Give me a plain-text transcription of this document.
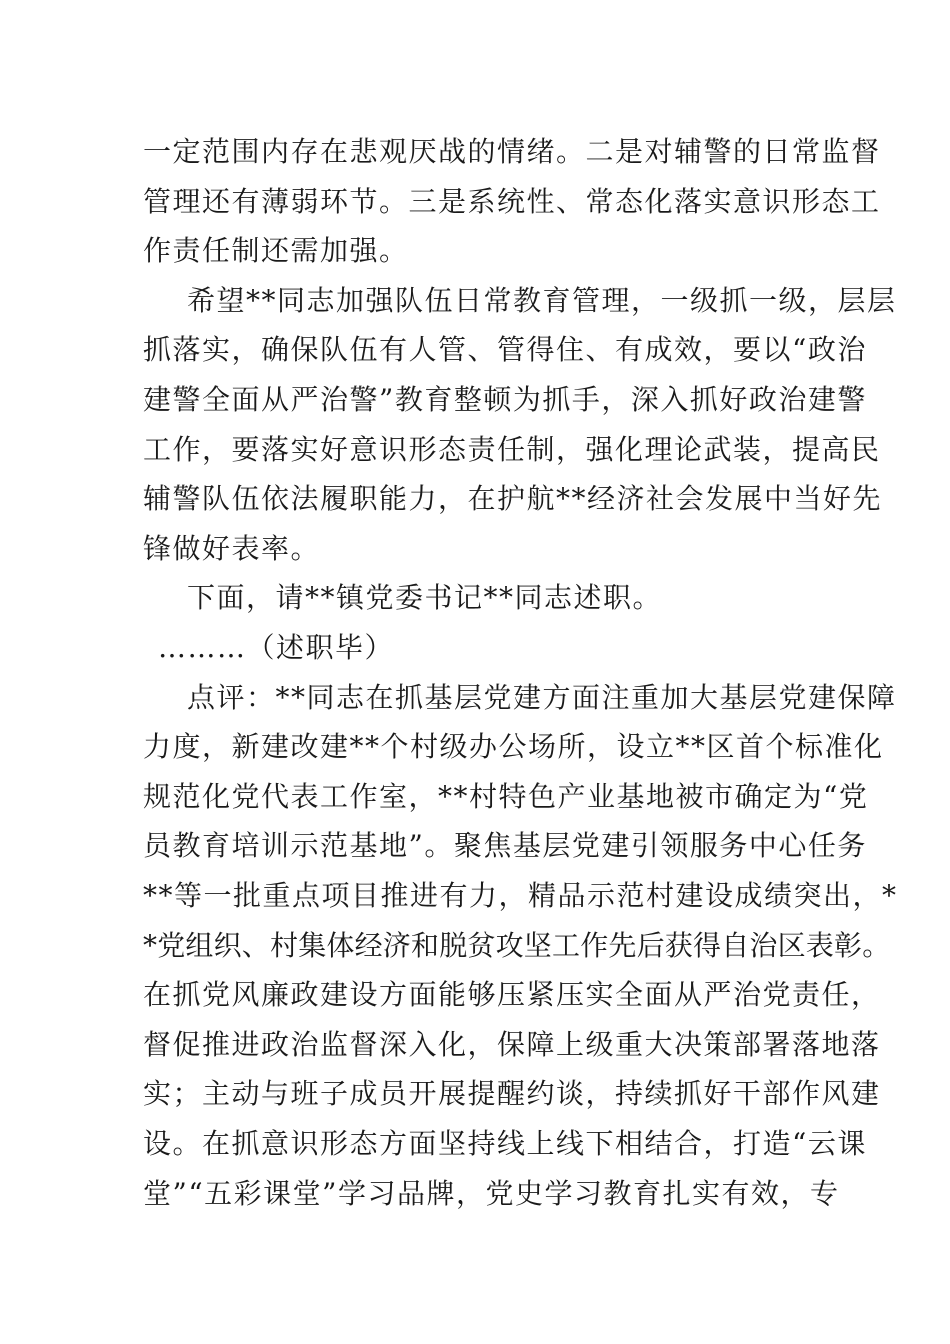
一定范围内存在悲观厌战的情绪。二是对辅警的日常监督
管理还有薄弱环节。三是系统性、常态化落实意识形态工
作责任制还需加强。
希望**同志加强队伍日常教育管理，一级抓一级，层层
抓落实，确保队伍有人管、管得住、有成效，要以“政治
建警全面从严治警”教育整顿为抓手，深入抓好政治建警
工作，要落实好意识形态责任制，强化理论武装，提高民
辅警队伍依法履职能力，在护航**经济社会发展中当好先
锋做好表率。
下面，请**镇党委书记**同志述职。
………（述职毕）
点评：**同志在抓基层党建方面注重加大基层党建保障
力度，新建改建**个村级办公场所，设立**区首个标准化
规范化党代表工作室，**村特色产业基地被市确定为“党
员教育培训示范基地”。聚焦基层党建引领服务中心任务
**等一批重点项目推进有力，精品示范村建设成绩突出，*
*党组织、村集体经济和脱贫攻坚工作先后获得自治区表彰。
在抓党风廉政建设方面能够压紧压实全面从严治党责任，
督促推进政治监督深入化，保障上级重大决策部署落地落
实；主动与班子成员开展提醒约谈，持续抓好干部作风建
设。在抓意识形态方面坚持线上线下相结合，打造“云课
堂”“五彩课堂”学习品牌，党史学习教育扎实有效，专
